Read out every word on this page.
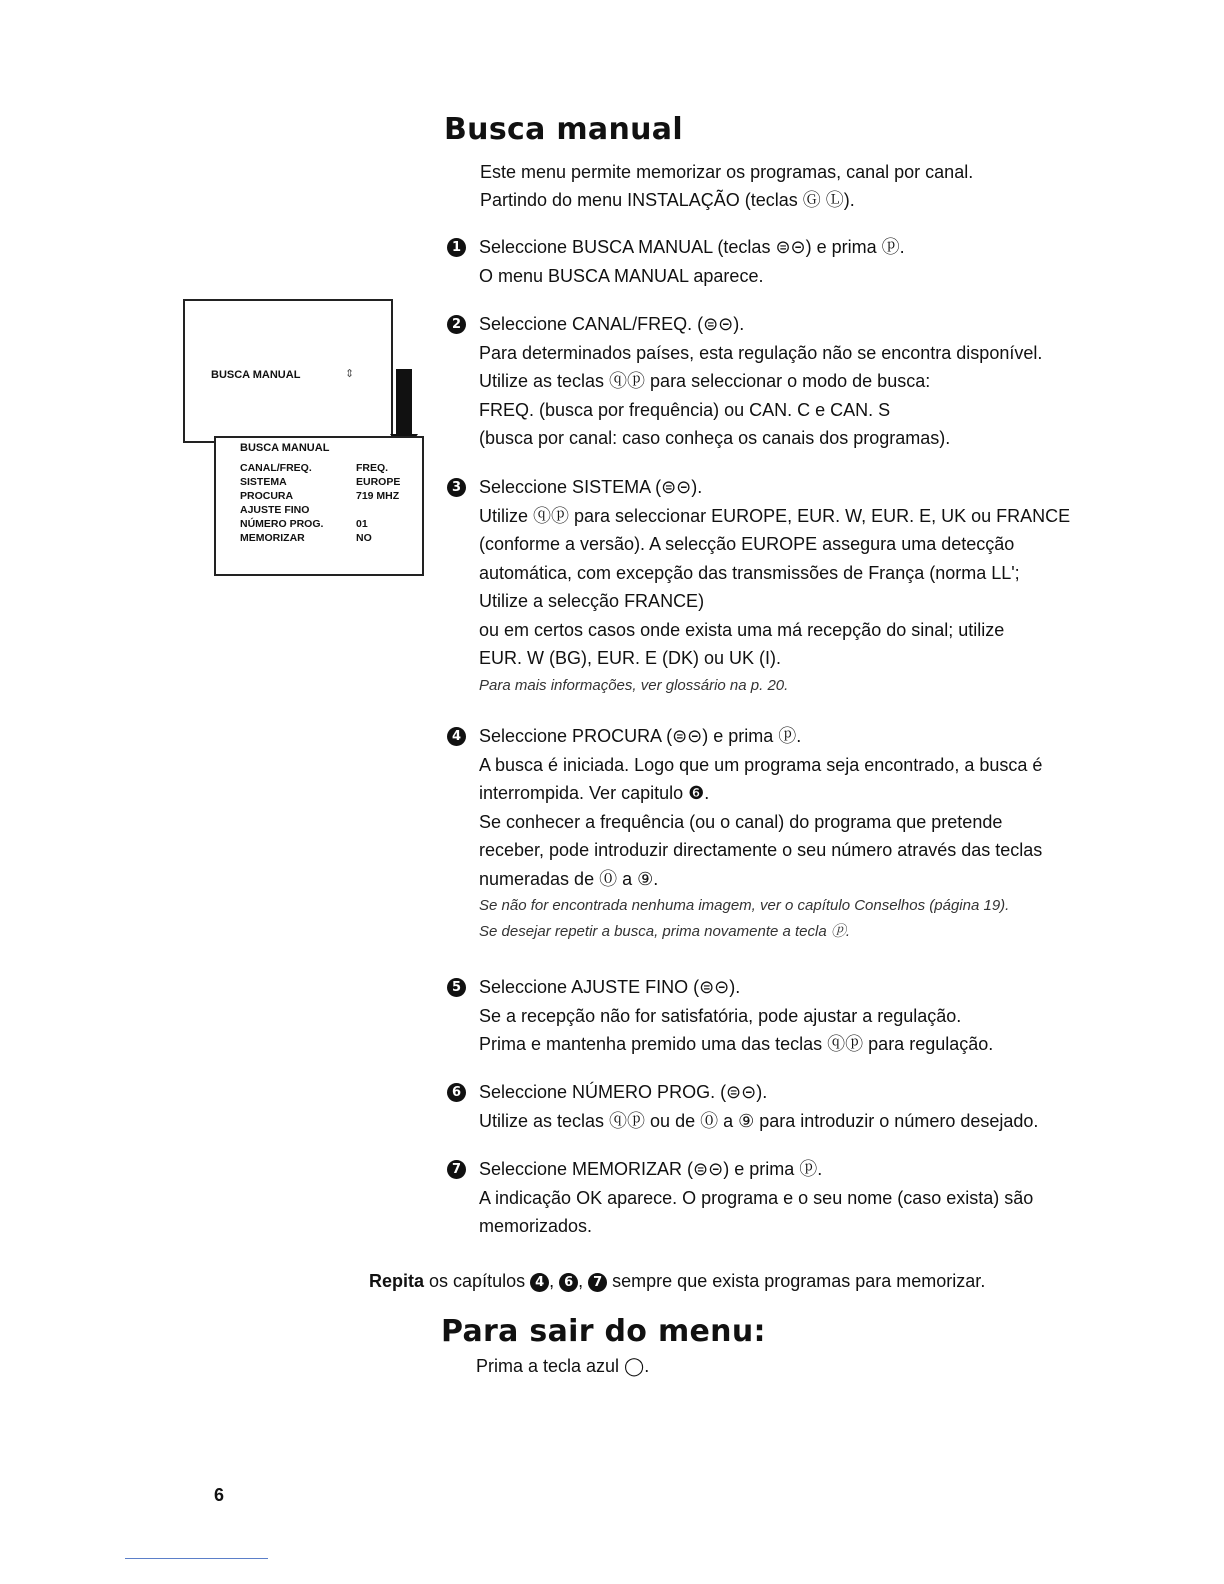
Busca manual
Este menu permite memorizar os programas, canal por canal.
Partindo do menu INSTALAÇÃO (teclas Ⓖ Ⓛ).
BUSCA MANUAL	⇕
BUSCA MANUAL
CANAL/FREQ.	FREQ.
SISTEMA	EUROPE
PROCURA	719 MHZ
AJUSTE FINO
NÚMERO PROG.	01
MEMORIZAR	NO
1 Seleccione BUSCA MANUAL (teclas ⊜⊝) e prima ⓟ.
O menu BUSCA MANUAL aparece.
2 Seleccione CANAL/FREQ. (⊜⊝).
Para determinados países, esta regulação não se encontra disponível.
Utilize as teclas ⓠⓟ para seleccionar o modo de busca:
FREQ. (busca por frequência) ou CAN. C e CAN. S
(busca por canal: caso conheça os canais dos programas).
3 Seleccione SISTEMA (⊜⊝).
Utilize ⓠⓟ para seleccionar EUROPE, EUR. W, EUR. E, UK ou FRANCE
(conforme a versão). A selecção EUROPE assegura uma detecção
automática, com excepção das transmissões de França (norma LL';
Utilize a selecção FRANCE)
ou em certos casos onde exista uma má recepção do sinal; utilize
EUR. W (BG), EUR. E (DK) ou UK (I).
Para mais informações, ver glossário na p. 20.
4 Seleccione PROCURA (⊜⊝) e prima ⓟ.
A busca é iniciada. Logo que um programa seja encontrado, a busca é
interrompida. Ver capitulo ❻.
Se conhecer a frequência (ou o canal) do programa que pretende
receber, pode introduzir directamente o seu número através das teclas
numeradas de ⓪ a ⑨.
Se não for encontrada nenhuma imagem, ver o capítulo Conselhos (página 19).
Se desejar repetir a busca, prima novamente a tecla ⓟ.
5 Seleccione AJUSTE FINO (⊜⊝).
Se a recepção não for satisfatória, pode ajustar a regulação.
Prima e mantenha premido uma das teclas ⓠⓟ para regulação.
6 Seleccione NÚMERO PROG. (⊜⊝).
Utilize as teclas ⓠⓟ ou de ⓪ a ⑨ para introduzir o número desejado.
7 Seleccione MEMORIZAR (⊜⊝) e prima ⓟ.
A indicação OK aparece. O programa e o seu nome (caso exista) são
memorizados.
Repita os capítulos 4 , 6 , 7 sempre que exista programas para memorizar.
Para sair do menu:
Prima a tecla azul ◯.
6
